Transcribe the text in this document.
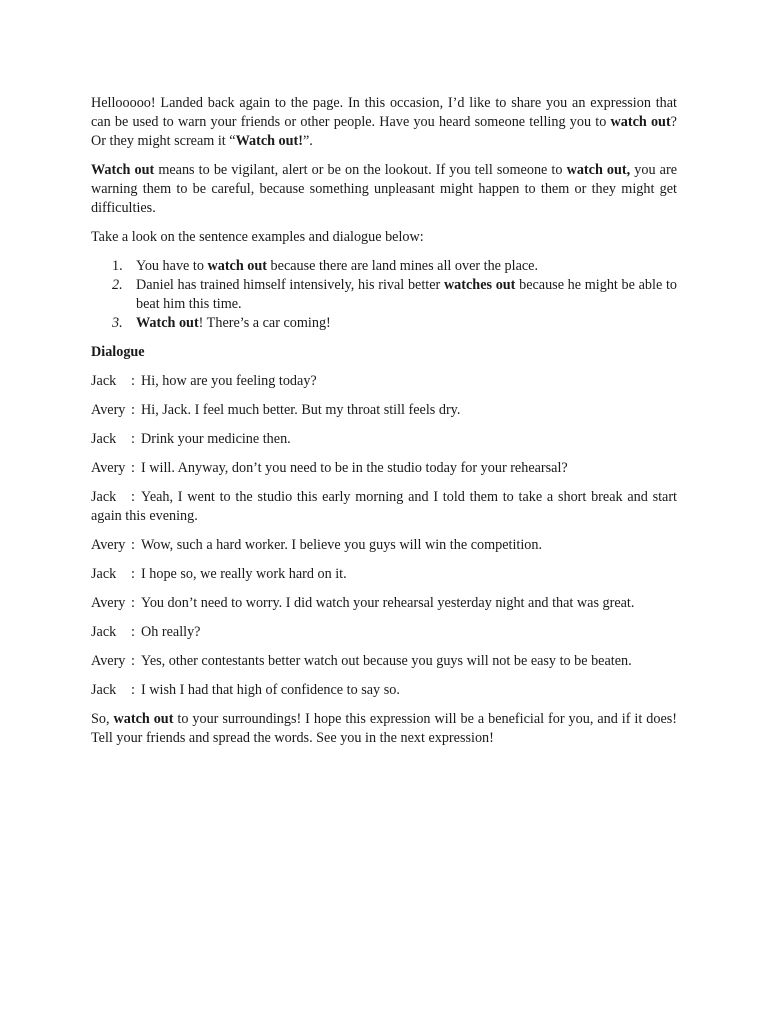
Hellooooo! Landed back again to the page. In this occasion, I’d like to share you an expression that can be used to warn your friends or other people. Have you heard someone telling you to watch out? Or they might scream it “Watch out!”.

Watch out means to be vigilant, alert or be on the lookout. If you tell someone to watch out, you are warning them to be careful, because something unpleasant might happen to them or they might get difficulties.

Take a look on the sentence examples and dialogue below:

1. You have to watch out because there are land mines all over the place.
2. Daniel has trained himself intensively, his rival better watches out because he might be able to beat him this time.
3. Watch out! There’s a car coming!

Dialogue

Jack	: Hi, how are you feeling today?
Avery : Hi, Jack. I feel much better. But my throat still feels dry.
Jack	: Drink your medicine then.
Avery : I will. Anyway, don’t you need to be in the studio today for your rehearsal?
Jack : Yeah, I went to the studio this early morning and I told them to take a short break and start again this evening.
Avery : Wow, such a hard worker. I believe you guys will win the competition.
Jack	: I hope so, we really work hard on it.
Avery : You don’t need to worry. I did watch your rehearsal yesterday night and that was great.
Jack	: Oh really?
Avery : Yes, other contestants better watch out because you guys will not be easy to be beaten.
Jack	: I wish I had that high of confidence to say so.

So, watch out to your surroundings! I hope this expression will be a beneficial for you, and if it does! Tell your friends and spread the words. See you in the next expression!
